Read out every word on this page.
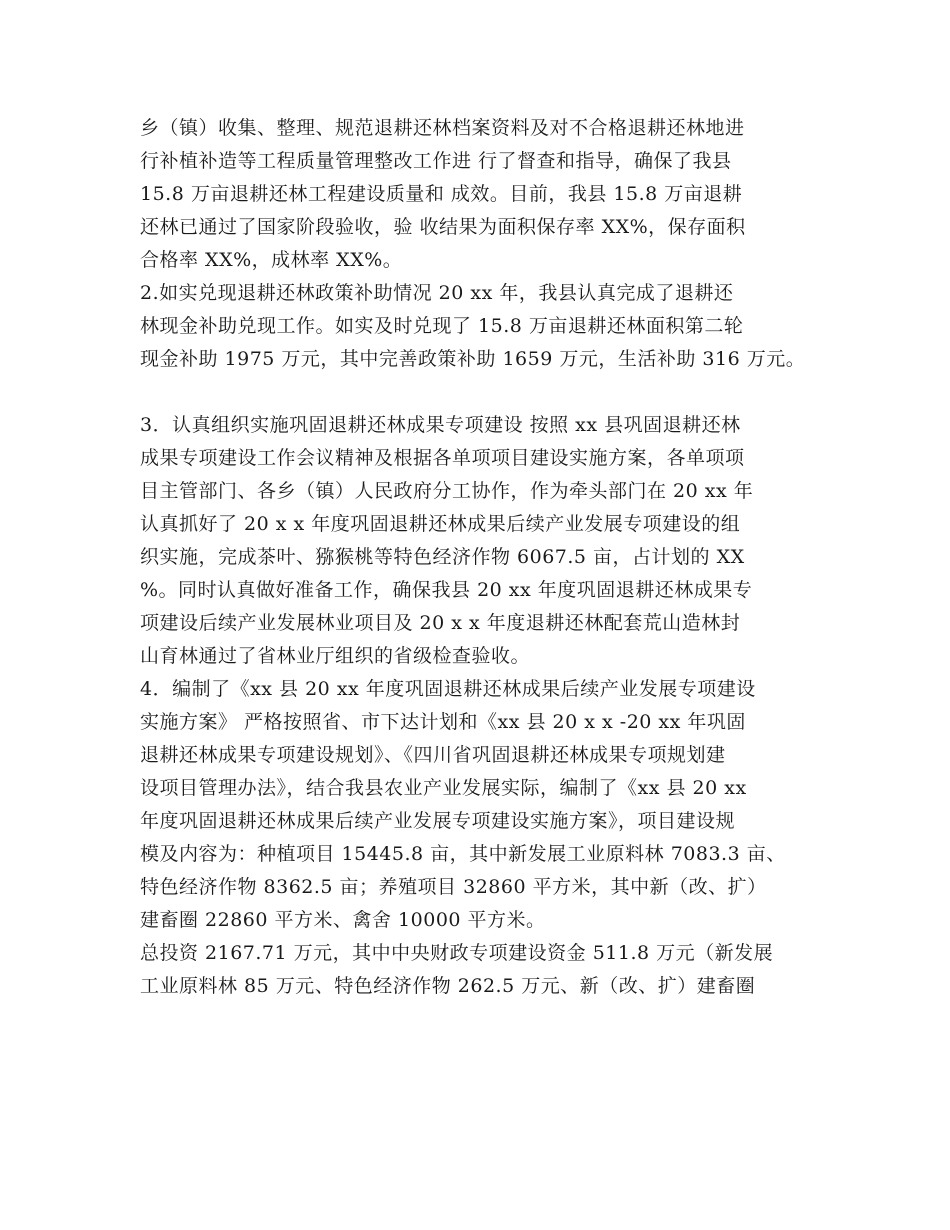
乡（镇）收集、整理、规范退耕还林档案资料及对不合格退耕还林地进
行补植补造等工程质量管理整改工作进 行了督查和指导，确保了我县
15.8 万亩退耕还林工程建设质量和 成效。目前，我县 15.8 万亩退耕
还林已通过了国家阶段验收，验 收结果为面积保存率 XX%，保存面积
合格率 XX%，成林率 XX%。
2.如实兑现退耕还林政策补助情况 20 xx 年，我县认真完成了退耕还
林现金补助兑现工作。如实及时兑现了 15.8 万亩退耕还林面积第二轮
现金补助 1975 万元，其中完善政策补助 1659 万元，生活补助 316 万元。
3．认真组织实施巩固退耕还林成果专项建设 按照 xx 县巩固退耕还林
成果专项建设工作会议精神及根据各单项项目建设实施方案，各单项项
目主管部门、各乡（镇）人民政府分工协作，作为牵头部门在 20 xx 年
认真抓好了 20 x x 年度巩固退耕还林成果后续产业发展专项建设的组
织实施，完成茶叶、猕猴桃等特色经济作物 6067.5 亩，占计划的 XX
%。同时认真做好准备工作，确保我县 20 xx 年度巩固退耕还林成果专
项建设后续产业发展林业项目及 20 x x 年度退耕还林配套荒山造林封
山育林通过了省林业厅组织的省级检查验收。
4．编制了《xx 县 20 xx 年度巩固退耕还林成果后续产业发展专项建设
实施方案》 严格按照省、市下达计划和《xx 县 20 x x -20 xx 年巩固
退耕还林成果专项建设规划》、《四川省巩固退耕还林成果专项规划建
设项目管理办法》，结合我县农业产业发展实际，编制了《xx 县 20 xx
年度巩固退耕还林成果后续产业发展专项建设实施方案》，项目建设规
模及内容为：种植项目 15445.8 亩，其中新发展工业原料林 7083.3 亩、
特色经济作物 8362.5 亩；养殖项目 32860 平方米，其中新（改、扩）
建畜圈 22860 平方米、禽舍 10000 平方米。
总投资 2167.71 万元，其中中央财政专项建设资金 511.8 万元（新发展
工业原料林 85 万元、特色经济作物 262.5 万元、新（改、扩）建畜圈
